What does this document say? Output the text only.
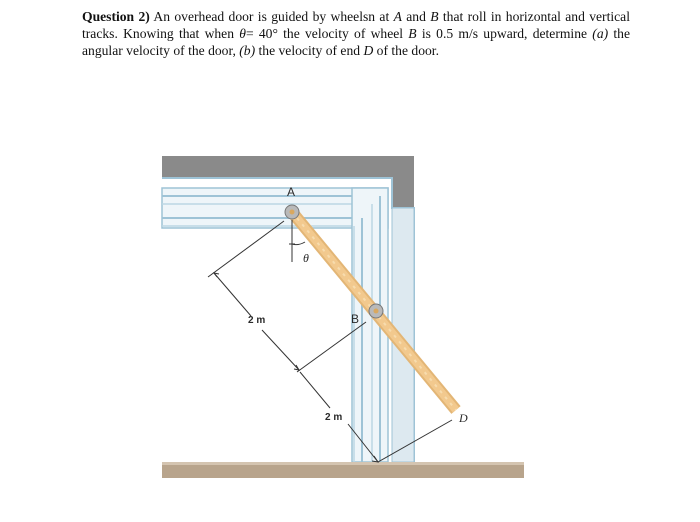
Question 2) An overhead door is guided by wheelsn at A and B that roll in horizontal and vertical tracks. Knowing that when θ= 40° the velocity of wheel B is 0.5 m/s upward, determine (a) the angular velocity of the door, (b) the velocity of end D of the door.
A
B
D
θ
2 m
2 m
